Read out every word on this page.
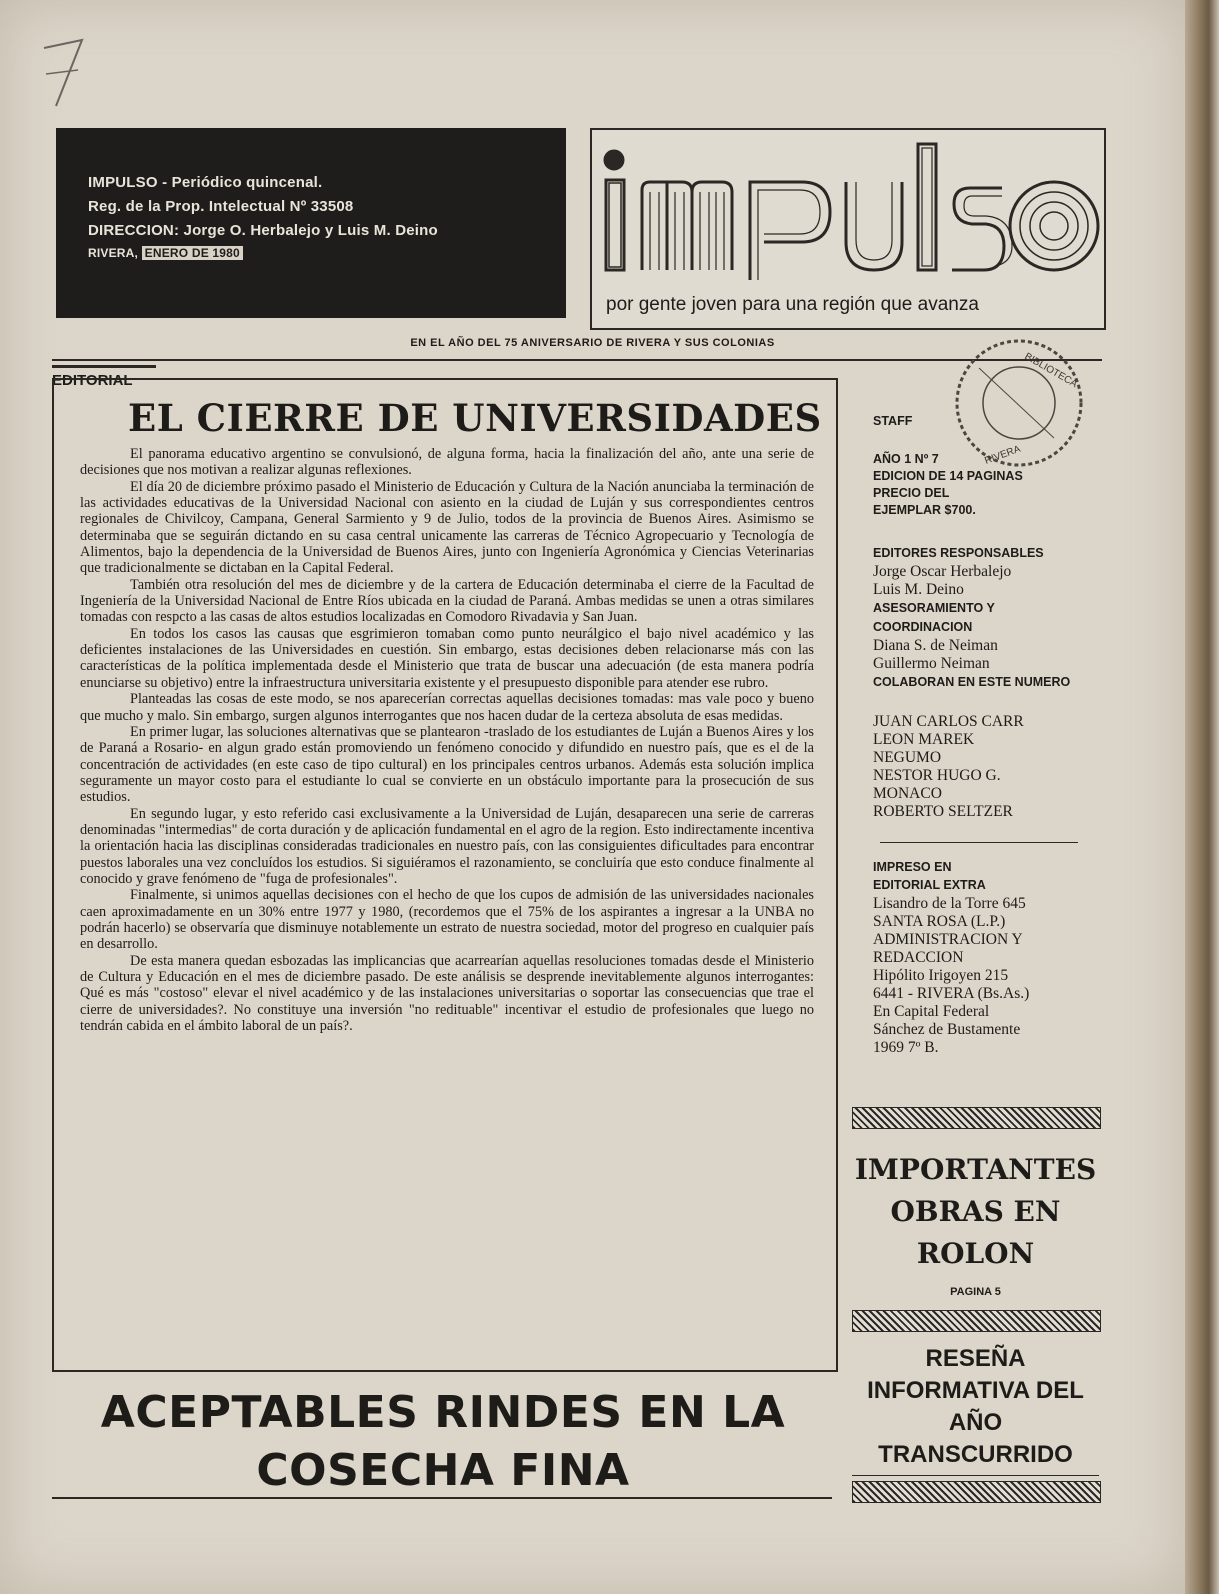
IMPULSO - Periódico quincenal.
Reg. de la Prop. Intelectual Nº 33508
DIRECCION: Jorge O. Herbalejo y Luis M. Deino
RIVERA, ENERO DE 1980
por gente joven para una región que avanza
EN EL AÑO DEL 75 ANIVERSARIO DE RIVERA Y SUS COLONIAS
EDITORIAL
EL CIERRE DE UNIVERSIDADES

El panorama educativo argentino se convulsionó, de alguna forma, hacia la finalización del año, ante una serie de decisiones que nos motivan a realizar algunas reflexiones.

El día 20 de diciembre próximo pasado el Ministerio de Educación y Cultura de la Nación anunciaba la terminación de las actividades educativas de la Universidad Nacional con asiento en la ciudad de Luján y sus correspondientes centros regionales de Chivilcoy, Campana, General Sarmiento y 9 de Julio, todos de la provincia de Buenos Aires. Asimismo se determinaba que se seguirán dictando en su casa central unicamente las carreras de Técnico Agropecuario y Tecnología de Alimentos, bajo la dependencia de la Universidad de Buenos Aires, junto con Ingeniería Agronómica y Ciencias Veterinarias que tradicionalmente se dictaban en la Capital Federal.

También otra resolución del mes de diciembre y de la cartera de Educación determinaba el cierre de la Facultad de Ingeniería de la Universidad Nacional de Entre Ríos ubicada en la ciudad de Paraná. Ambas medidas se unen a otras similares tomadas con respcto a las casas de altos estudios localizadas en Comodoro Rivadavia y San Juan.

En todos los casos las causas que esgrimieron tomaban como punto neurálgico el bajo nivel académico y las deficientes instalaciones de las Universidades en cuestión. Sin embargo, estas decisiones deben relacionarse más con las características de la política implementada desde el Ministerio que trata de buscar una adecuación (de esta manera podría enunciarse su objetivo) entre la infraestructura universitaria existente y el presupuesto disponible para atender ese rubro.

Planteadas las cosas de este modo, se nos aparecerían correctas aquellas decisiones tomadas: mas vale poco y bueno que mucho y malo. Sin embargo, surgen algunos interrogantes que nos hacen dudar de la certeza absoluta de esas medidas.

En primer lugar, las soluciones alternativas que se plantearon -traslado de los estudiantes de Luján a Buenos Aires y los de Paraná a Rosario- en algun grado están promoviendo un fenómeno conocido y difundido en nuestro país, que es el de la concentración de actividades (en este caso de tipo cultural) en los principales centros urbanos. Además esta solución implica seguramente un mayor costo para el estudiante lo cual se convierte en un obstáculo importante para la prosecución de sus estudios.

En segundo lugar, y esto referido casi exclusivamente a la Universidad de Luján, desaparecen una serie de carreras denominadas "intermedias" de corta duración y de aplicación fundamental en el agro de la region. Esto indirectamente incentiva la orientación hacia las disciplinas consideradas tradicionales en nuestro país, con las consiguientes dificultades para encontrar puestos laborales una vez concluídos los estudios. Si siguiéramos el razonamiento, se concluiría que esto conduce finalmente al conocido y grave fenómeno de "fuga de profesionales".

Finalmente, si unimos aquellas decisiones con el hecho de que los cupos de admisión de las universidades nacionales caen aproximadamente en un 30% entre 1977 y 1980, (recordemos que el 75% de los aspirantes a ingresar a la UNBA no podrán hacerlo) se observaría que disminuye notablemente un estrato de nuestra sociedad, motor del progreso en cualquier país en desarrollo.

De esta manera quedan esbozadas las implicancias que acarrearían aquellas resoluciones tomadas desde el Ministerio de Cultura y Educación en el mes de diciembre pasado. De este análisis se desprende inevitablemente algunos interrogantes: Qué es más "costoso" elevar el nivel académico y de las instalaciones universitarias o soportar las consecuencias que trae el cierre de universidades?. No constituye una inversión "no redituable" incentivar el estudio de profesionales que luego no tendrán cabida en el ámbito laboral de un país?.

BIBLIOTECA
RIVERA
STAFF
AÑO 1 Nº 7
EDICION DE 14 PAGINAS
PRECIO DEL
EJEMPLAR $700.
EDITORES RESPONSABLES
Jorge Oscar Herbalejo
Luis M. Deino
ASESORAMIENTO Y
COORDINACION
Diana S. de Neiman
Guillermo Neiman
COLABORAN EN ESTE NUMERO
JUAN CARLOS CARR
LEON MAREK
NEGUMO
NESTOR HUGO G.
MONACO
ROBERTO SELTZER
IMPRESO EN
EDITORIAL EXTRA
Lisandro de la Torre 645
SANTA ROSA (L.P.)
ADMINISTRACION Y
REDACCION
Hipólito Irigoyen 215
6441 - RIVERA (Bs.As.)
En Capital Federal
Sánchez de Bustamente
1969 7º B.
IMPORTANTES
OBRAS EN
ROLON
PAGINA 5
RESEÑA
INFORMATIVA DEL
AÑO
TRANSCURRIDO
ACEPTABLES RINDES EN LA
COSECHA FINA
